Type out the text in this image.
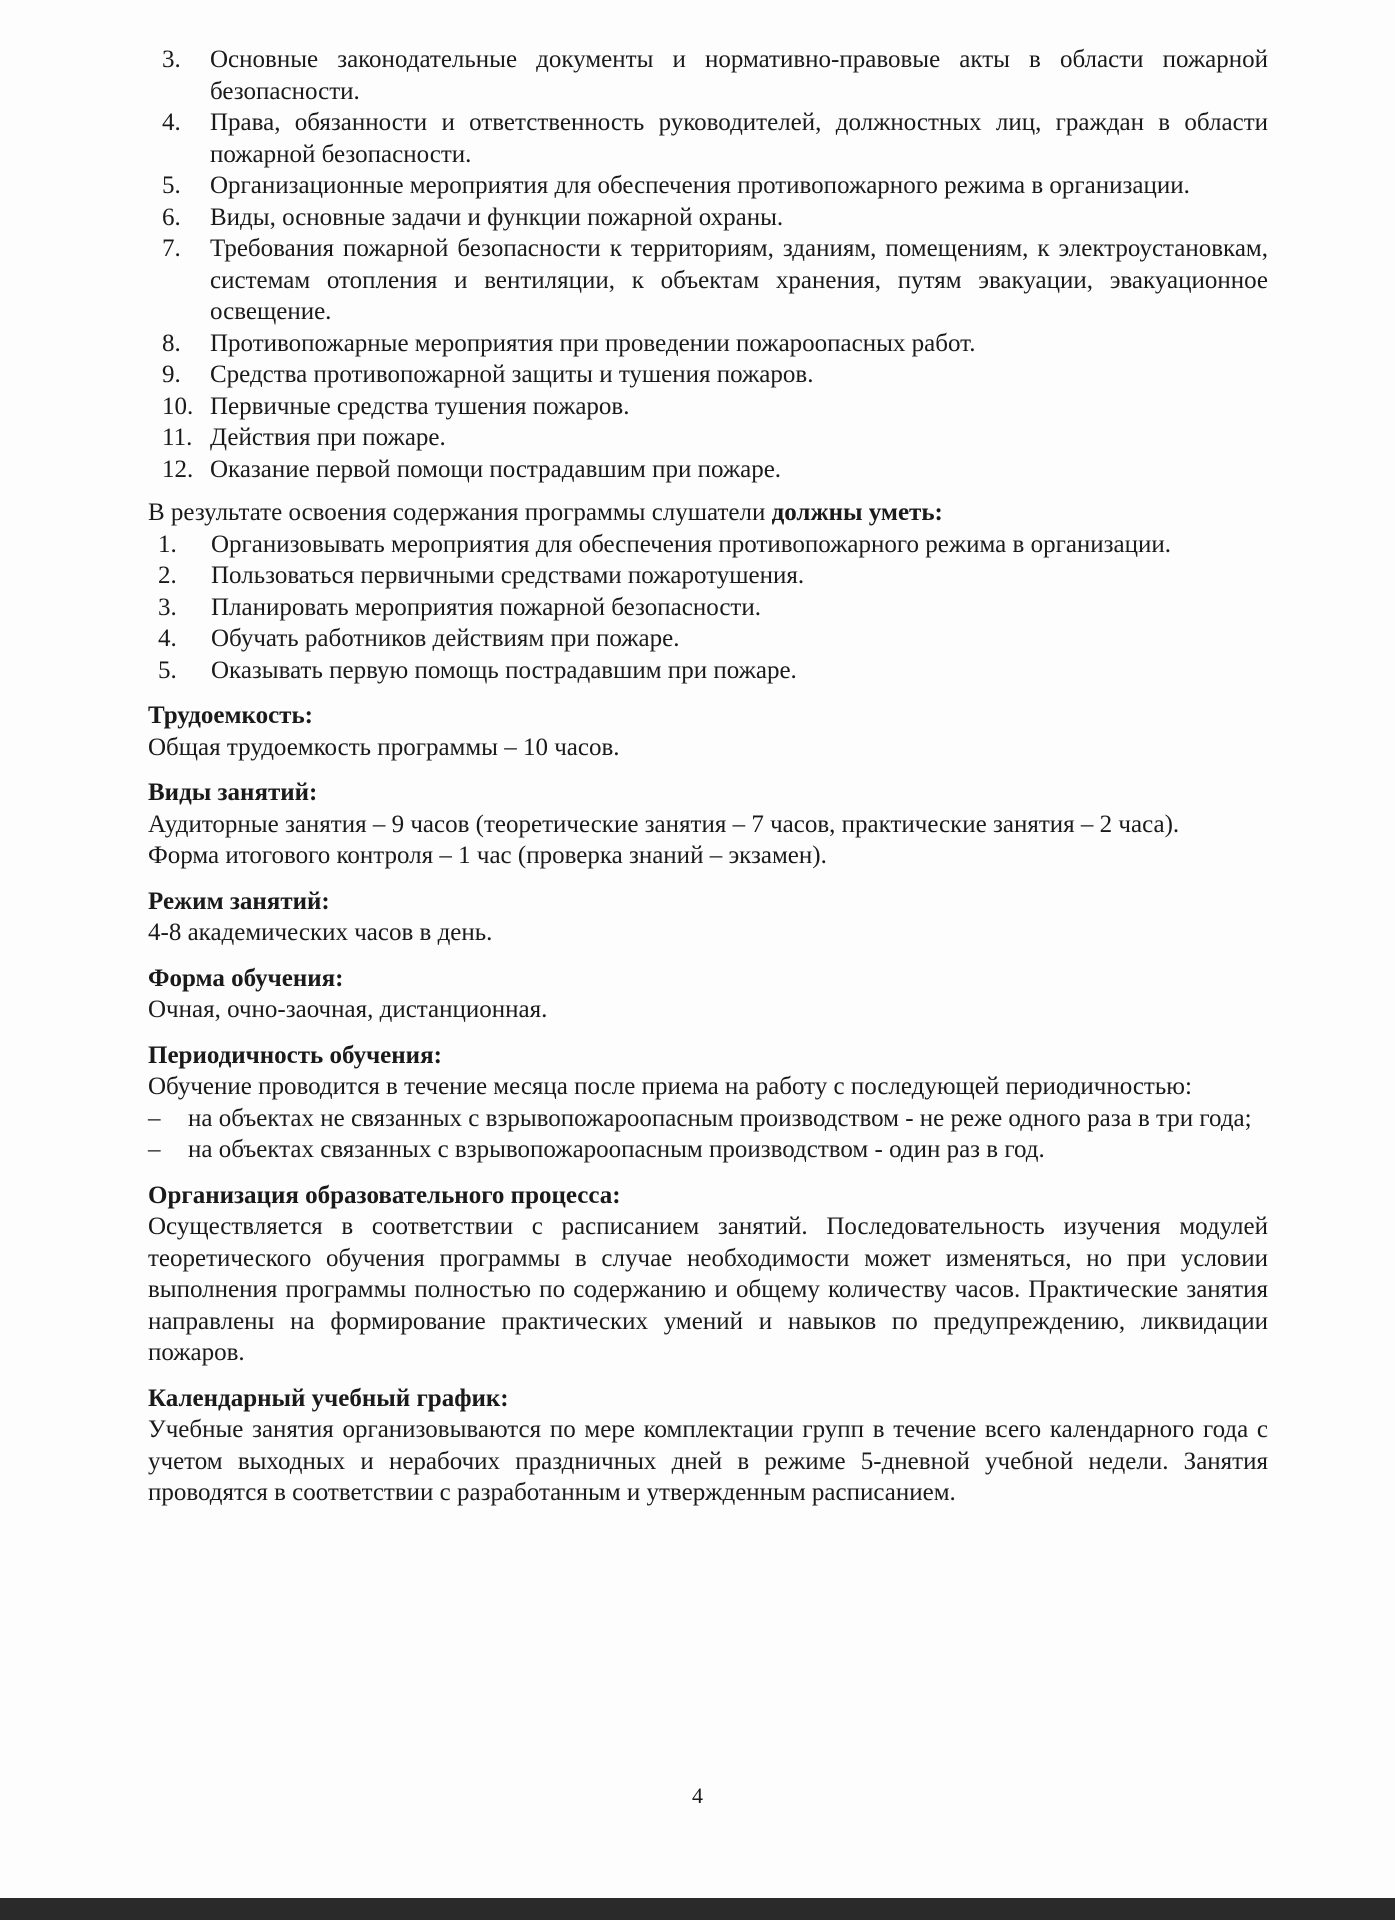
3.	Основные законодательные документы и нормативно-правовые акты в области пожарной безопасности.
4.	Права, обязанности и ответственность руководителей, должностных лиц, граждан в области пожарной безопасности.
5.	Организационные мероприятия для обеспечения противопожарного режима в организации.
6.	Виды, основные задачи и функции пожарной охраны.
7.	Требования пожарной безопасности к территориям, зданиям, помещениям, к электроустановкам, системам отопления и вентиляции, к объектам хранения, путям эвакуации, эвакуационное освещение.
8.	Противопожарные мероприятия при проведении пожароопасных работ.
9.	Средства противопожарной защиты и тушения пожаров.
10. Первичные средства тушения пожаров.
11. Действия при пожаре.
12. Оказание первой помощи пострадавшим при пожаре.

В результате освоения содержания программы слушатели должны уметь:

1.	Организовывать мероприятия для обеспечения противопожарного режима в организации.
2.	Пользоваться первичными средствами пожаротушения.
3.	Планировать мероприятия пожарной безопасности.
4.	Обучать работников действиям при пожаре.
5.	Оказывать первую помощь пострадавшим при пожаре.
Трудоемкость:

Общая трудоемкость программы – 10 часов.

Виды занятий:

Аудиторные занятия – 9 часов (теоретические занятия – 7 часов, практические занятия – 2 часа).

Форма итогового контроля – 1 час (проверка знаний – экзамен).

Режим занятий:

4-8 академических часов в день.

Форма обучения:

Очная, очно-заочная, дистанционная.

Периодичность обучения:

Обучение проводится в течение месяца после приема на работу с последующей периодичностью:

–	на объектах не связанных с взрывопожароопасным производством - не реже одного раза в три года;
–	на объектах связанных с взрывопожароопасным производством - один раз в год.
Организация образовательного процесса:

Осуществляется в соответствии с расписанием занятий. Последовательность изучения модулей теоретического обучения программы в случае необходимости может изменяться, но при условии выполнения программы полностью по содержанию и общему количеству часов. Практические занятия направлены на формирование практических умений и навыков по предупреждению, ликвидации пожаров.

Календарный учебный график:

Учебные занятия организовываются по мере комплектации групп в течение всего календарного года с учетом выходных и нерабочих праздничных дней в режиме 5-дневной учебной недели. Занятия проводятся в соответствии с разработанным и утвержденным расписанием.

4
